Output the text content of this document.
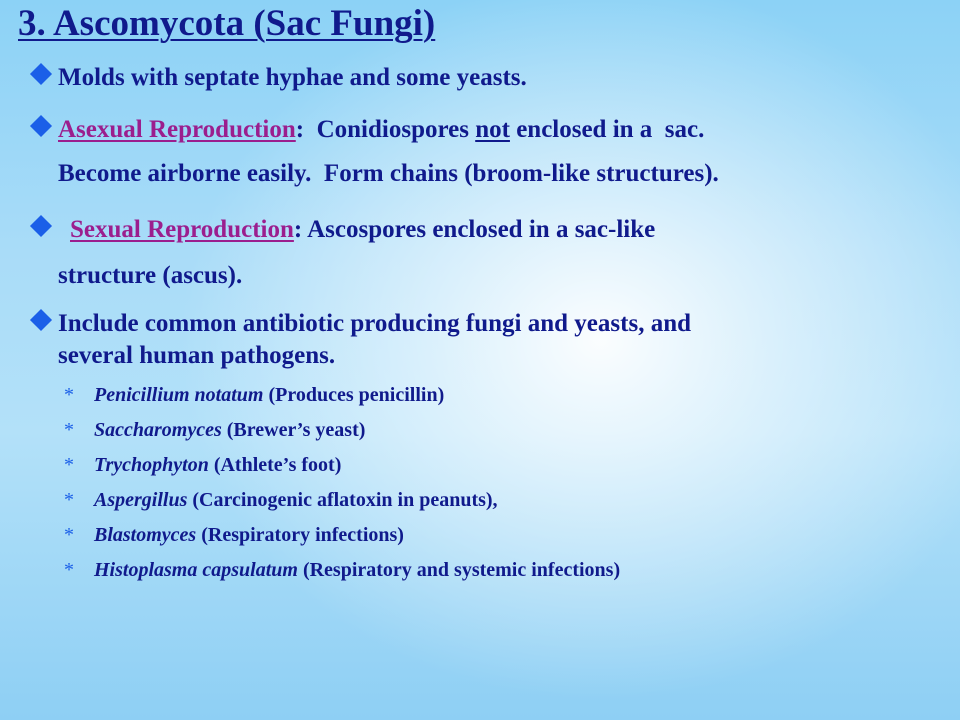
3. Ascomycota (Sac Fungi)
Molds with septate hyphae and some yeasts.
Asexual Reproduction:  Conidiospores not enclosed in a  sac.
Become airborne easily.  Form chains (broom-like structures).
Sexual Reproduction: Ascospores enclosed in a sac-like
structure (ascus).
Include common antibiotic producing fungi and yeasts, and
several human pathogens.
* Penicillium notatum (Produces penicillin)
* Saccharomyces (Brewer’s yeast)
* Trychophyton (Athlete’s foot)
* Aspergillus (Carcinogenic aflatoxin in peanuts),
* Blastomyces (Respiratory infections)
* Histoplasma capsulatum (Respiratory and systemic infections)
